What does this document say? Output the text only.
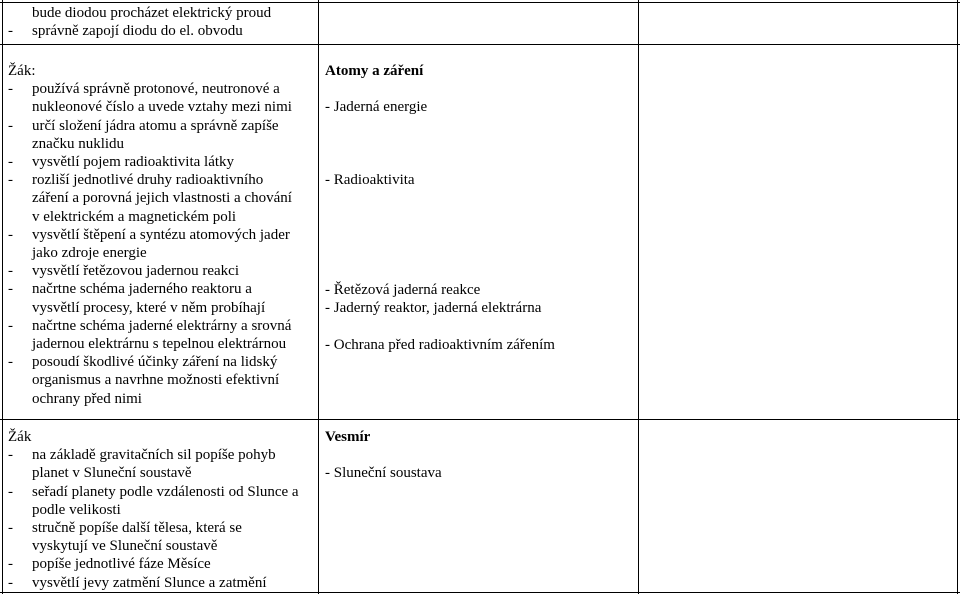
bude diodou procházet elektrický proud
- správně zapojí diodu do el. obvodu
Žák:
- používá správně protonové, neutronové a
nukleonové číslo a uvede vztahy mezi nimi
- určí složení jádra atomu a správně zapíše
značku nuklidu
- vysvětlí pojem radioaktivita látky
- rozliší jednotlivé druhy radioaktivního
záření a porovná jejich vlastnosti a chování
v elektrickém a magnetickém poli
- vysvětlí štěpení a syntézu atomových jader
jako zdroje energie
- vysvětlí řetězovou jadernou reakci
- načrtne schéma jaderného reaktoru a
vysvětlí procesy, které v něm probíhají
- načrtne schéma jaderné elektrárny a srovná
jadernou elektrárnu s tepelnou elektrárnou
- posoudí škodlivé účinky záření na lidský
organismus a navrhne možnosti efektivní
ochrany před nimi
Atomy a záření
- Jaderná energie
- Radioaktivita
- Řetězová jaderná reakce
- Jaderný reaktor, jaderná elektrárna
- Ochrana před radioaktivním zářením
Žák
- na základě gravitačních sil popíše pohyb
planet v Sluneční soustavě
- seřadí planety podle vzdálenosti od Slunce a
podle velikosti
- stručně popíše další tělesa, která se
vyskytují ve Sluneční soustavě
- popíše jednotlivé fáze Měsíce
- vysvětlí jevy zatmění Slunce a zatmění
Vesmír
- Sluneční soustava
